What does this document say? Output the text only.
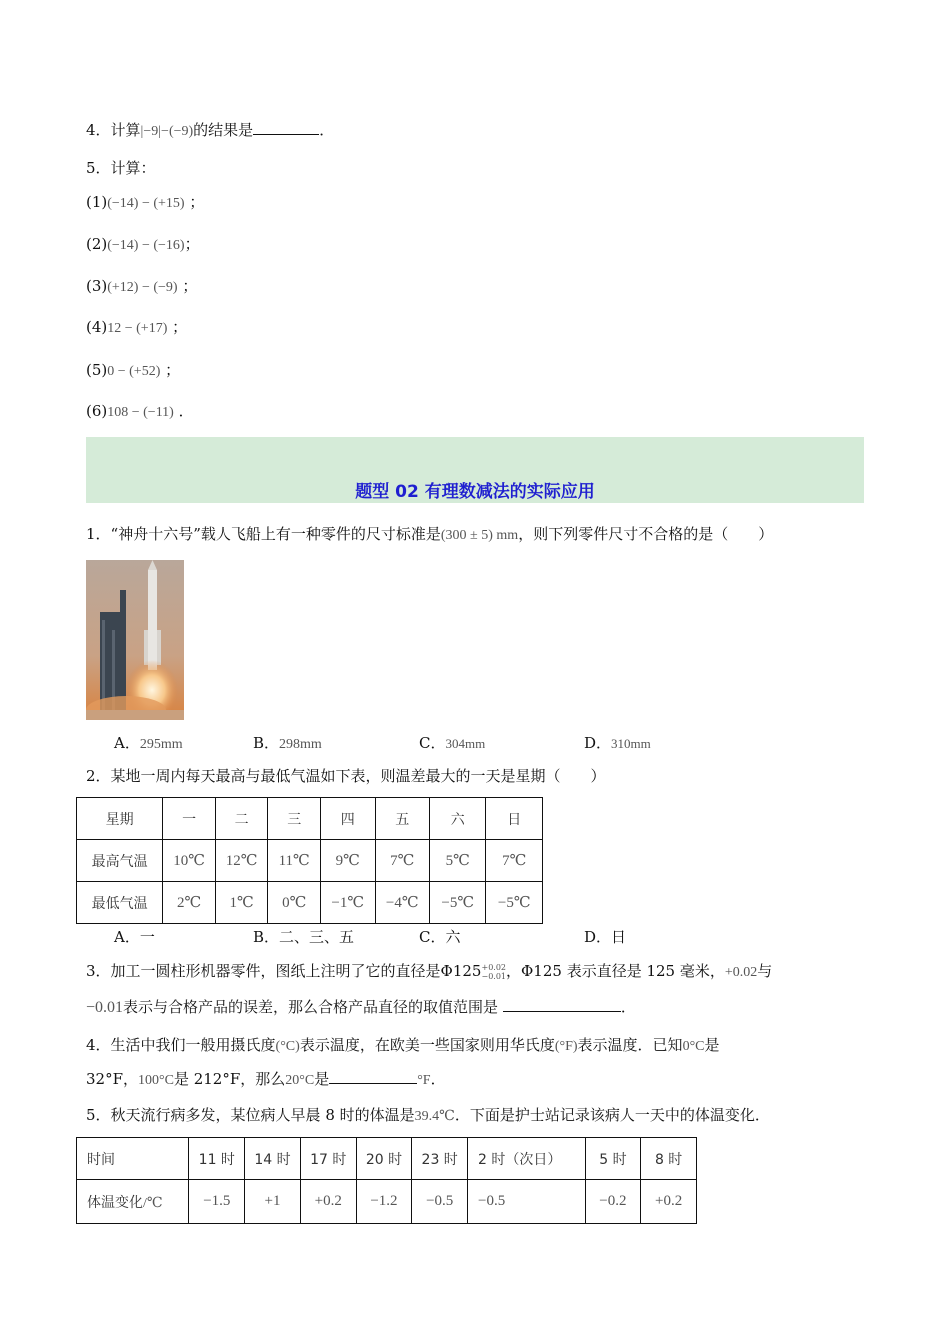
4．计算|−9|−(−9)的结果是	．
5．计算：
(1)(−14) − (+15) ；
(2)(−14) − (−16)；
(3)(+12) − (−9) ；
(4)12 − (+17) ；
(5)0 − (+52) ；
(6)108 − (−11) ．
题型 02 有理数减法的实际应用
1．“神舟十六号”载人飞船上有一种零件的尺寸标准是(300 ± 5) mm，则下列零件尺寸不合格的是（　　）
A．295mm	B．298mm	C．304mm	D．310mm
2．某地一周内每天最高与最低气温如下表，则温差最大的一天是星期（　　）
星期	一	二	三	四	五	六	日
最高气温	10℃	12℃	11℃	9℃	7℃	5℃	7℃
最低气温	2℃	1℃	0℃	−1℃	−4℃	−5℃	−5℃
A．一	B．二、三、五	C．六	D．日
3．加工一圆柱形机器零件，图纸上注明了它的直径是Φ125 +0.02
−0.01 ，Φ125 表示直径是 125 毫米，+0.02与
−0.01表示与合格产品的误差，那么合格产品直径的取值范围是	．
4．生活中我们一般用摄氏度(°C)表示温度，在欧美一些国家则用华氏度(°F)表示温度．已知0°C是
32°F，100°C是 212°F，那么20°C是	°F．
5．秋天流行病多发，某位病人早晨 8 时的体温是39.4℃．下面是护士站记录该病人一天中的体温变化．
时间	11 时	14 时	17 时	20 时	23 时	2 时（次日）	5 时	8 时
体温变化/℃	−1.5	+1	+0.2	−1.2	−0.5	−0.5	−0.2	+0.2
